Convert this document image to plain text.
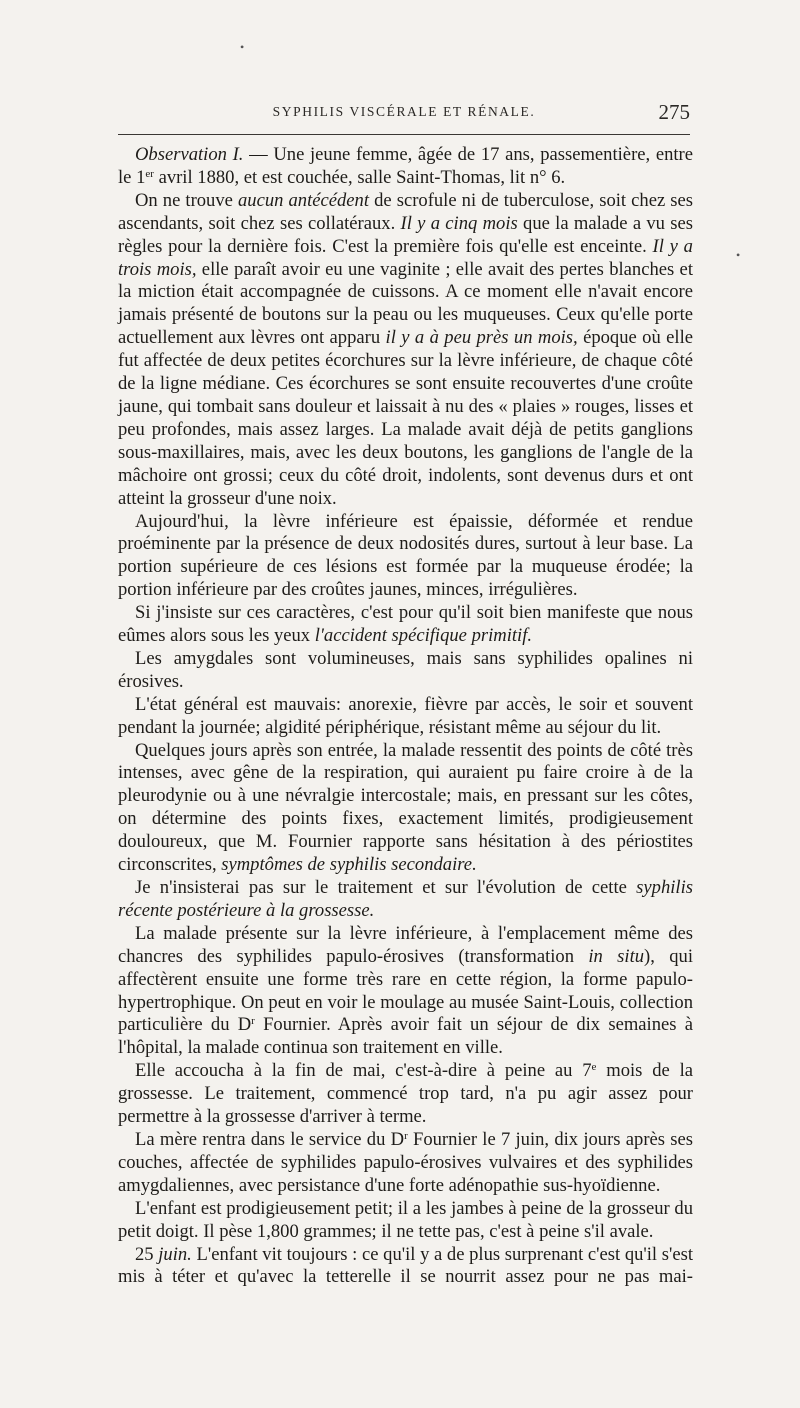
•
•
SYPHILIS VISCÉRALE ET RÉNALE.	275

Observation I. — Une jeune femme, âgée de 17 ans, passementière, entre le 1er avril 1880, et est couchée, salle Saint-Thomas, lit n° 6.

On ne trouve aucun antécédent de scrofule ni de tuberculose, soit chez ses ascendants, soit chez ses collatéraux. Il y a cinq mois que la malade a vu ses règles pour la dernière fois. C'est la première fois qu'elle est enceinte. Il y a trois mois, elle paraît avoir eu une vaginite ; elle avait des pertes blanches et la miction était accompagnée de cuissons. A ce moment elle n'avait encore jamais présenté de boutons sur la peau ou les muqueuses. Ceux qu'elle porte actuellement aux lèvres ont apparu il y a à peu près un mois, époque où elle fut affectée de deux petites écorchures sur la lèvre inférieure, de chaque côté de la ligne médiane. Ces écorchures se sont ensuite recouvertes d'une croûte jaune, qui tombait sans douleur et laissait à nu des « plaies » rouges, lisses et peu profondes, mais assez larges. La malade avait déjà de petits ganglions sous-maxillaires, mais, avec les deux boutons, les ganglions de l'angle de la mâchoire ont grossi; ceux du côté droit, indolents, sont devenus durs et ont atteint la grosseur d'une noix.

Aujourd'hui, la lèvre inférieure est épaissie, déformée et rendue proéminente par la présence de deux nodosités dures, surtout à leur base. La portion supérieure de ces lésions est formée par la muqueuse érodée; la portion inférieure par des croûtes jaunes, minces, irrégulières.

Si j'insiste sur ces caractères, c'est pour qu'il soit bien manifeste que nous eûmes alors sous les yeux l'accident spécifique primitif.

Les amygdales sont volumineuses, mais sans syphilides opalines ni érosives.

L'état général est mauvais: anorexie, fièvre par accès, le soir et souvent pendant la journée; algidité périphérique, résistant même au séjour du lit.

Quelques jours après son entrée, la malade ressentit des points de côté très intenses, avec gêne de la respiration, qui auraient pu faire croire à de la pleurodynie ou à une névralgie intercostale; mais, en pressant sur les côtes, on détermine des points fixes, exactement limités, prodigieusement douloureux, que M. Fournier rapporte sans hésitation à des périostites circonscrites, symptômes de syphilis secondaire.

Je n'insisterai pas sur le traitement et sur l'évolution de cette syphilis récente postérieure à la grossesse.

La malade présente sur la lèvre inférieure, à l'emplacement même des chancres des syphilides papulo-érosives (transformation in situ), qui affectèrent ensuite une forme très rare en cette région, la forme papulo-hypertrophique. On peut en voir le moulage au musée Saint-Louis, collection particulière du $D^r$ Fournier. Après avoir fait un séjour de dix semaines à l'hôpital, la malade continua son traitement en ville.

Elle accoucha à la fin de mai, c'est-à-dire à peine au 7e mois de la grossesse. Le traitement, commencé trop tard, n'a pu agir assez pour permettre à la grossesse d'arriver à terme.

La mère rentra dans le service du $D^r$ Fournier le 7 juin, dix jours après ses couches, affectée de syphilides papulo-érosives vulvaires et des syphilides amygdaliennes, avec persistance d'une forte adénopathie sus-hyoïdienne.

L'enfant est prodigieusement petit; il a les jambes à peine de la grosseur du petit doigt. Il pèse 1,800 grammes; il ne tette pas, c'est à peine s'il avale.

25 juin. L'enfant vit toujours : ce qu'il y a de plus surprenant c'est qu'il s'est mis à téter et qu'avec la tetterelle il se nourrit assez pour ne pas mai-
